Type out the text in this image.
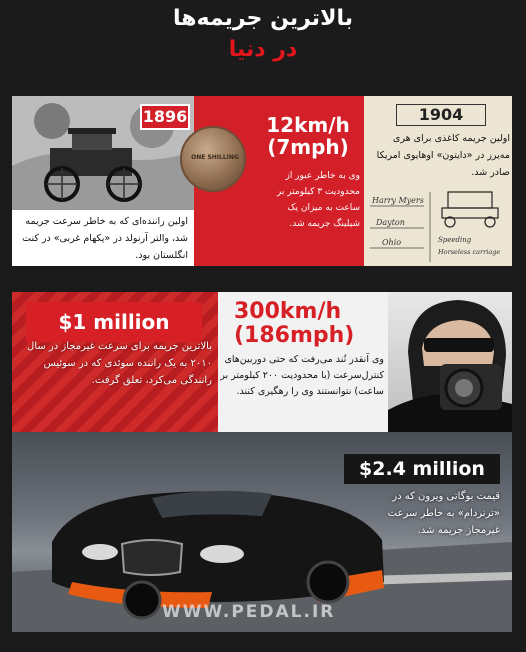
بالاترین جریمه‌ها
در دنیا
اولین راننده‌ای که به خاطر سرعت جریمه شد، والتر آرنولد در «پکهام غربی» در کنت انگلستان بود.
1896
ONE SHILLING
12km/h (7mph)
وی به خاطر عبور از محدودیت ۳ کیلومتر بر ساعت به میزان یک شیلینگ جریمه شد.
1904
اولین جریمه کاغذی برای هری مه‌یرز در «دایتون» اوهایوی امریکا صادر شد.
Harry Myers
Dayton
Ohio	Speeding
Horseless carriage
$1 million
بالاترین جریمه برای سرعت غیرمجاز در سال ۲۰۱۰ به یک راننده سوئدی که در سوئیس رانندگی می‌کرد، تعلق گرفت.
300km/h (186mph)
وی آنقدر تُند می‌رفت که حتی دوربین‌های کنترل‌سرعت (با محدودیت ۲۰۰ کیلومتر بر ساعت) نتوانستند وی را رهگیری کنند.
$2.4 million
قیمت بوگاتی ویرون که در «ترنردام» به خاطر سرعت غیرمجاز جریمه شد.
WWW.PEDAL.IR
